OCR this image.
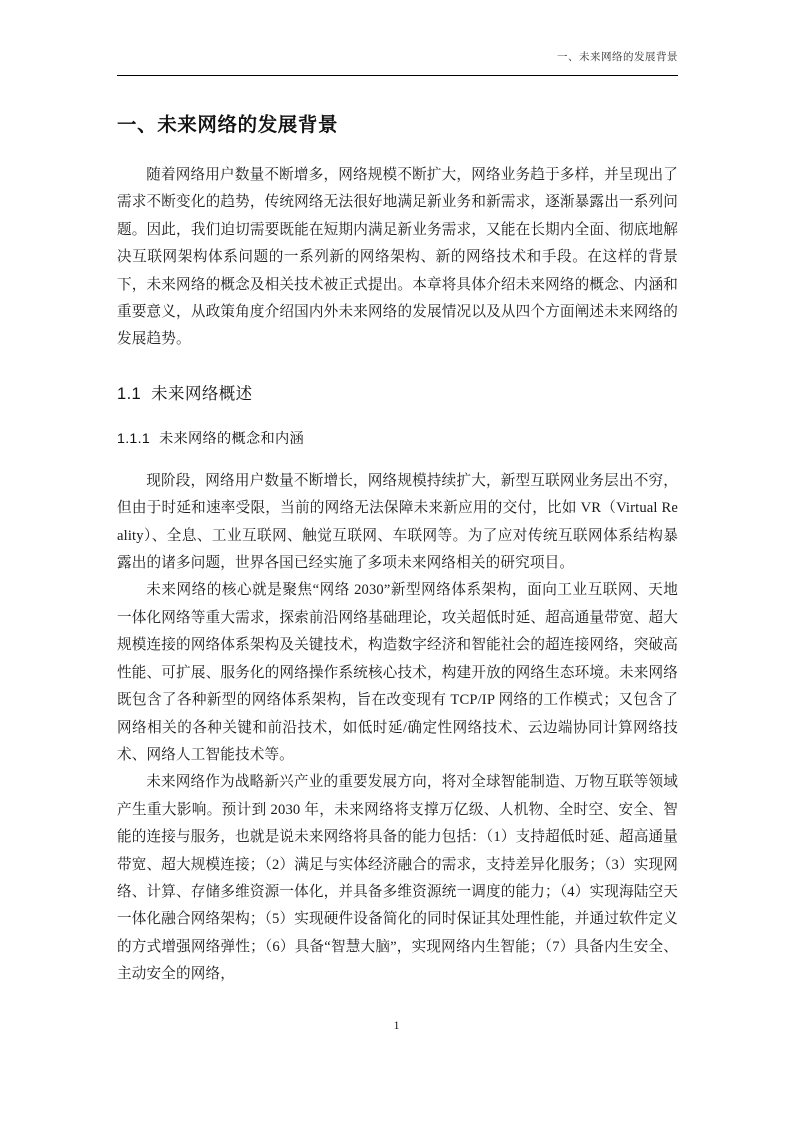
一、未来网络的发展背景
一、未来网络的发展背景

随着网络用户数量不断增多，网络规模不断扩大，网络业务趋于多样，并呈现出了需求不断变化的趋势，传统网络无法很好地满足新业务和新需求，逐渐暴露出一系列问题。因此，我们迫切需要既能在短期内满足新业务需求，又能在长期内全面、彻底地解决互联网架构体系问题的一系列新的网络架构、新的网络技术和手段。在这样的背景下，未来网络的概念及相关技术被正式提出。本章将具体介绍未来网络的概念、内涵和重要意义，从政策角度介绍国内外未来网络的发展情况以及从四个方面阐述未来网络的发展趋势。

1.1 未来网络概述
1.1.1 未来网络的概念和内涵

现阶段，网络用户数量不断增长，网络规模持续扩大，新型互联网业务层出不穷，但由于时延和速率受限，当前的网络无法保障未来新应用的交付，比如 VR（Virtual Reality）、全息、工业互联网、触觉互联网、车联网等。为了应对传统互联网体系结构暴露出的诸多问题，世界各国已经实施了多项未来网络相关的研究项目。

未来网络的核心就是聚焦“网络 2030”新型网络体系架构，面向工业互联网、天地一体化网络等重大需求，探索前沿网络基础理论，攻关超低时延、超高通量带宽、超大规模连接的网络体系架构及关键技术，构造数字经济和智能社会的超连接网络，突破高性能、可扩展、服务化的网络操作系统核心技术，构建开放的网络生态环境。未来网络既包含了各种新型的网络体系架构，旨在改变现有 TCP/IP 网络的工作模式；又包含了网络相关的各种关键和前沿技术，如低时延/确定性网络技术、云边端协同计算网络技术、网络人工智能技术等。

未来网络作为战略新兴产业的重要发展方向，将对全球智能制造、万物互联等领域产生重大影响。预计到 2030 年，未来网络将支撑万亿级、人机物、全时空、安全、智能的连接与服务，也就是说未来网络将具备的能力包括：（1）支持超低时延、超高通量带宽、超大规模连接；（2）满足与实体经济融合的需求，支持差异化服务；（3）实现网络、计算、存储多维资源一体化，并具备多维资源统一调度的能力；（4）实现海陆空天一体化融合网络架构；（5）实现硬件设备简化的同时保证其处理性能，并通过软件定义的方式增强网络弹性；（6）具备“智慧大脑”，实现网络内生智能；（7）具备内生安全、主动安全的网络，

1
